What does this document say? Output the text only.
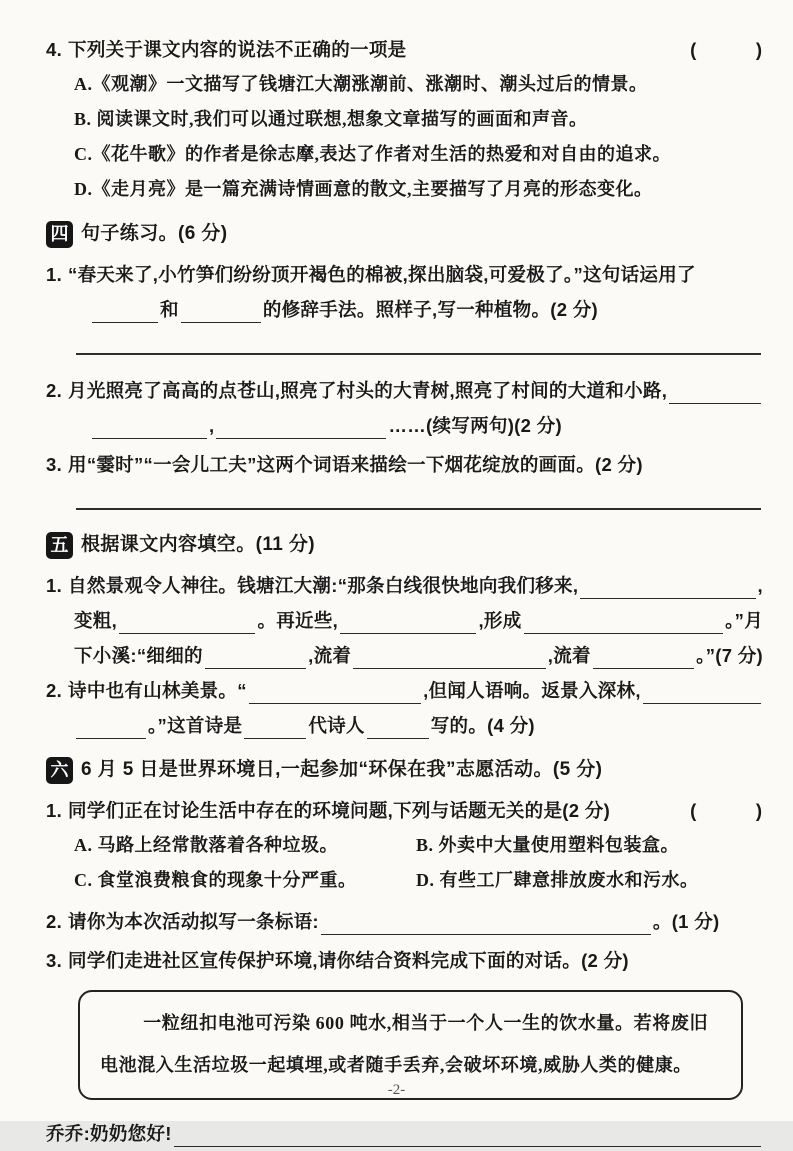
4. 下列关于课文内容的说法不正确的一项是	(　　　)
A.《观潮》一文描写了钱塘江大潮涨潮前、涨潮时、潮头过后的情景。
B. 阅读课文时,我们可以通过联想,想象文章描写的画面和声音。
C.《花牛歌》的作者是徐志摩,表达了作者对生活的热爱和对自由的追求。
D.《走月亮》是一篇充满诗情画意的散文,主要描写了月亮的形态变化。
四 句子练习。(6 分)
1. “春天来了,小竹笋们纷纷顶开褐色的棉被,探出脑袋,可爱极了。”这句话运用了
和	的修辞手法。照样子,写一种植物。(2 分)
2. 月光照亮了高高的点苍山,照亮了村头的大青树,照亮了村间的大道和小路,
,	……(续写两句)(2 分)
3. 用“霎时”“一会儿工夫”这两个词语来描绘一下烟花绽放的画面。(2 分)
五 根据课文内容填空。(11 分)
1. 自然景观令人神往。钱塘江大潮:“那条白线很快地向我们移来,	,
变粗,	。再近些,	,形成	。”月
下小溪:“细细的	,流着	,流着	。”(7 分)
2. 诗中也有山林美景。“	,但闻人语响。返景入深林,
。”这首诗是	代诗人	写的。(4 分)
六 6 月 5 日是世界环境日,一起参加“环保在我”志愿活动。(5 分)
1. 同学们正在讨论生活中存在的环境问题,下列与话题无关的是(2 分)	(　　　)
A. 马路上经常散落着各种垃圾。	B. 外卖中大量使用塑料包装盒。
C. 食堂浪费粮食的现象十分严重。	D. 有些工厂肆意排放废水和污水。
2. 请你为本次活动拟写一条标语:	。(1 分)
3. 同学们走进社区宣传保护环境,请你结合资料完成下面的对话。(2 分)
一粒纽扣电池可污染 600 吨水,相当于一个人一生的饮水量。若将废旧电池混入生活垃圾一起填埋,或者随手丢弃,会破坏环境,威胁人类的健康。
乔乔:奶奶您好!
-2-
